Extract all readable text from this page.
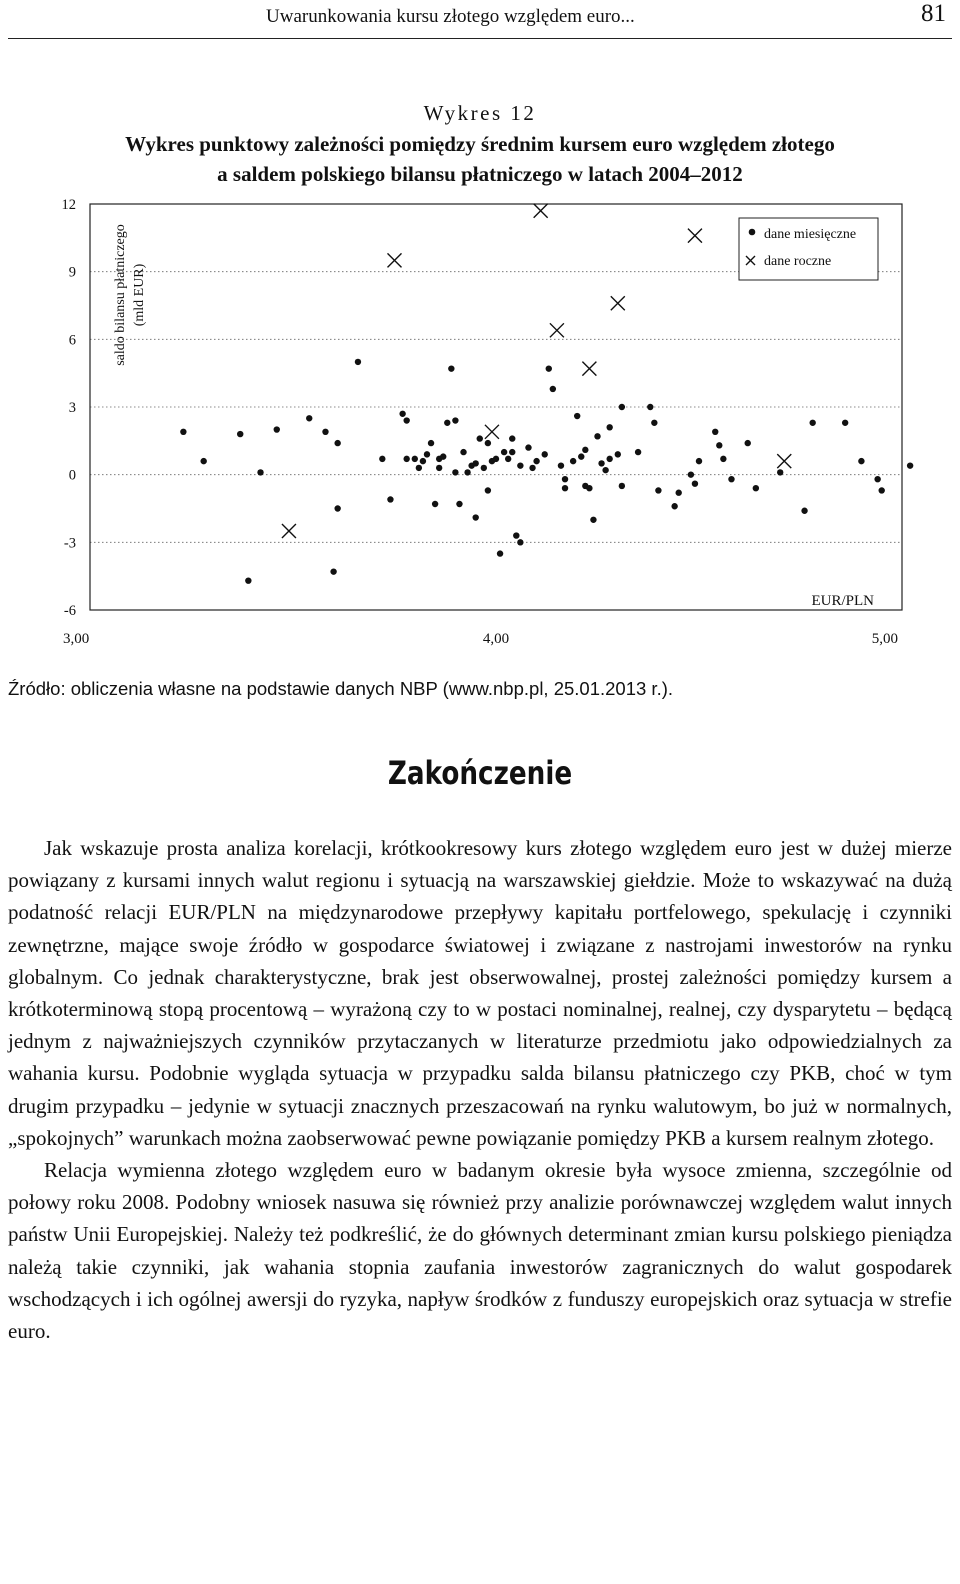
Uwarunkowania kursu złotego względem euro...	81
Wykres 12
Wykres punktowy zależności pomiędzy średnim kursem euro względem złotego
a saldem polskiego bilansu płatniczego w latach 2004–2012
12
9
6
3
0
-3
-6
3,00	4,00	5,00
saldo bilansu płatniczego (mld EUR)
EUR/PLN
dane miesięczne
dane roczne
Źródło: obliczenia własne na podstawie danych NBP (www.nbp.pl, 25.01.2013 r.).
Zakończenie

Jak wskazuje prosta analiza korelacji, krótkookresowy kurs złotego względem euro jest w dużej mierze powiązany z kursami innych walut regionu i sytuacją na warszawskiej giełdzie. Może to wskazywać na dużą podatność relacji EUR/PLN na międzynarodowe przepływy kapitału portfelowego, spekulację i czynniki zewnętrzne, mające swoje źródło w gospodarce światowej i związane z nastrojami inwestorów na rynku globalnym. Co jednak charakterystyczne, brak jest obserwowalnej, prostej zależności pomiędzy kursem a krótkoterminową stopą procentową – wyrażoną czy to w postaci nominalnej, realnej, czy dysparytetu – będącą jednym z najważniejszych czynników przytaczanych w literaturze przedmiotu jako odpowiedzialnych za wahania kursu. Podobnie wygląda sytuacja w przypadku salda bilansu płatniczego czy PKB, choć w tym drugim przypadku – jedynie w sytuacji znacznych przeszacowań na rynku walutowym, bo już w normalnych, „spokojnych” warunkach można zaobserwować pewne powiązanie pomiędzy PKB a kursem realnym złotego.

Relacja wymienna złotego względem euro w badanym okresie była wysoce zmienna, szczególnie od połowy roku 2008. Podobny wniosek nasuwa się również przy analizie porównawczej względem walut innych państw Unii Europejskiej. Należy też podkreślić, że do głównych determinant zmian kursu polskiego pieniądza należą takie czynniki, jak wahania stopnia zaufania inwestorów zagranicznych do walut gospodarek wschodzących i ich ogólnej awersji do ryzyka, napływ środków z funduszy europejskich oraz sytuacja w strefie euro.
